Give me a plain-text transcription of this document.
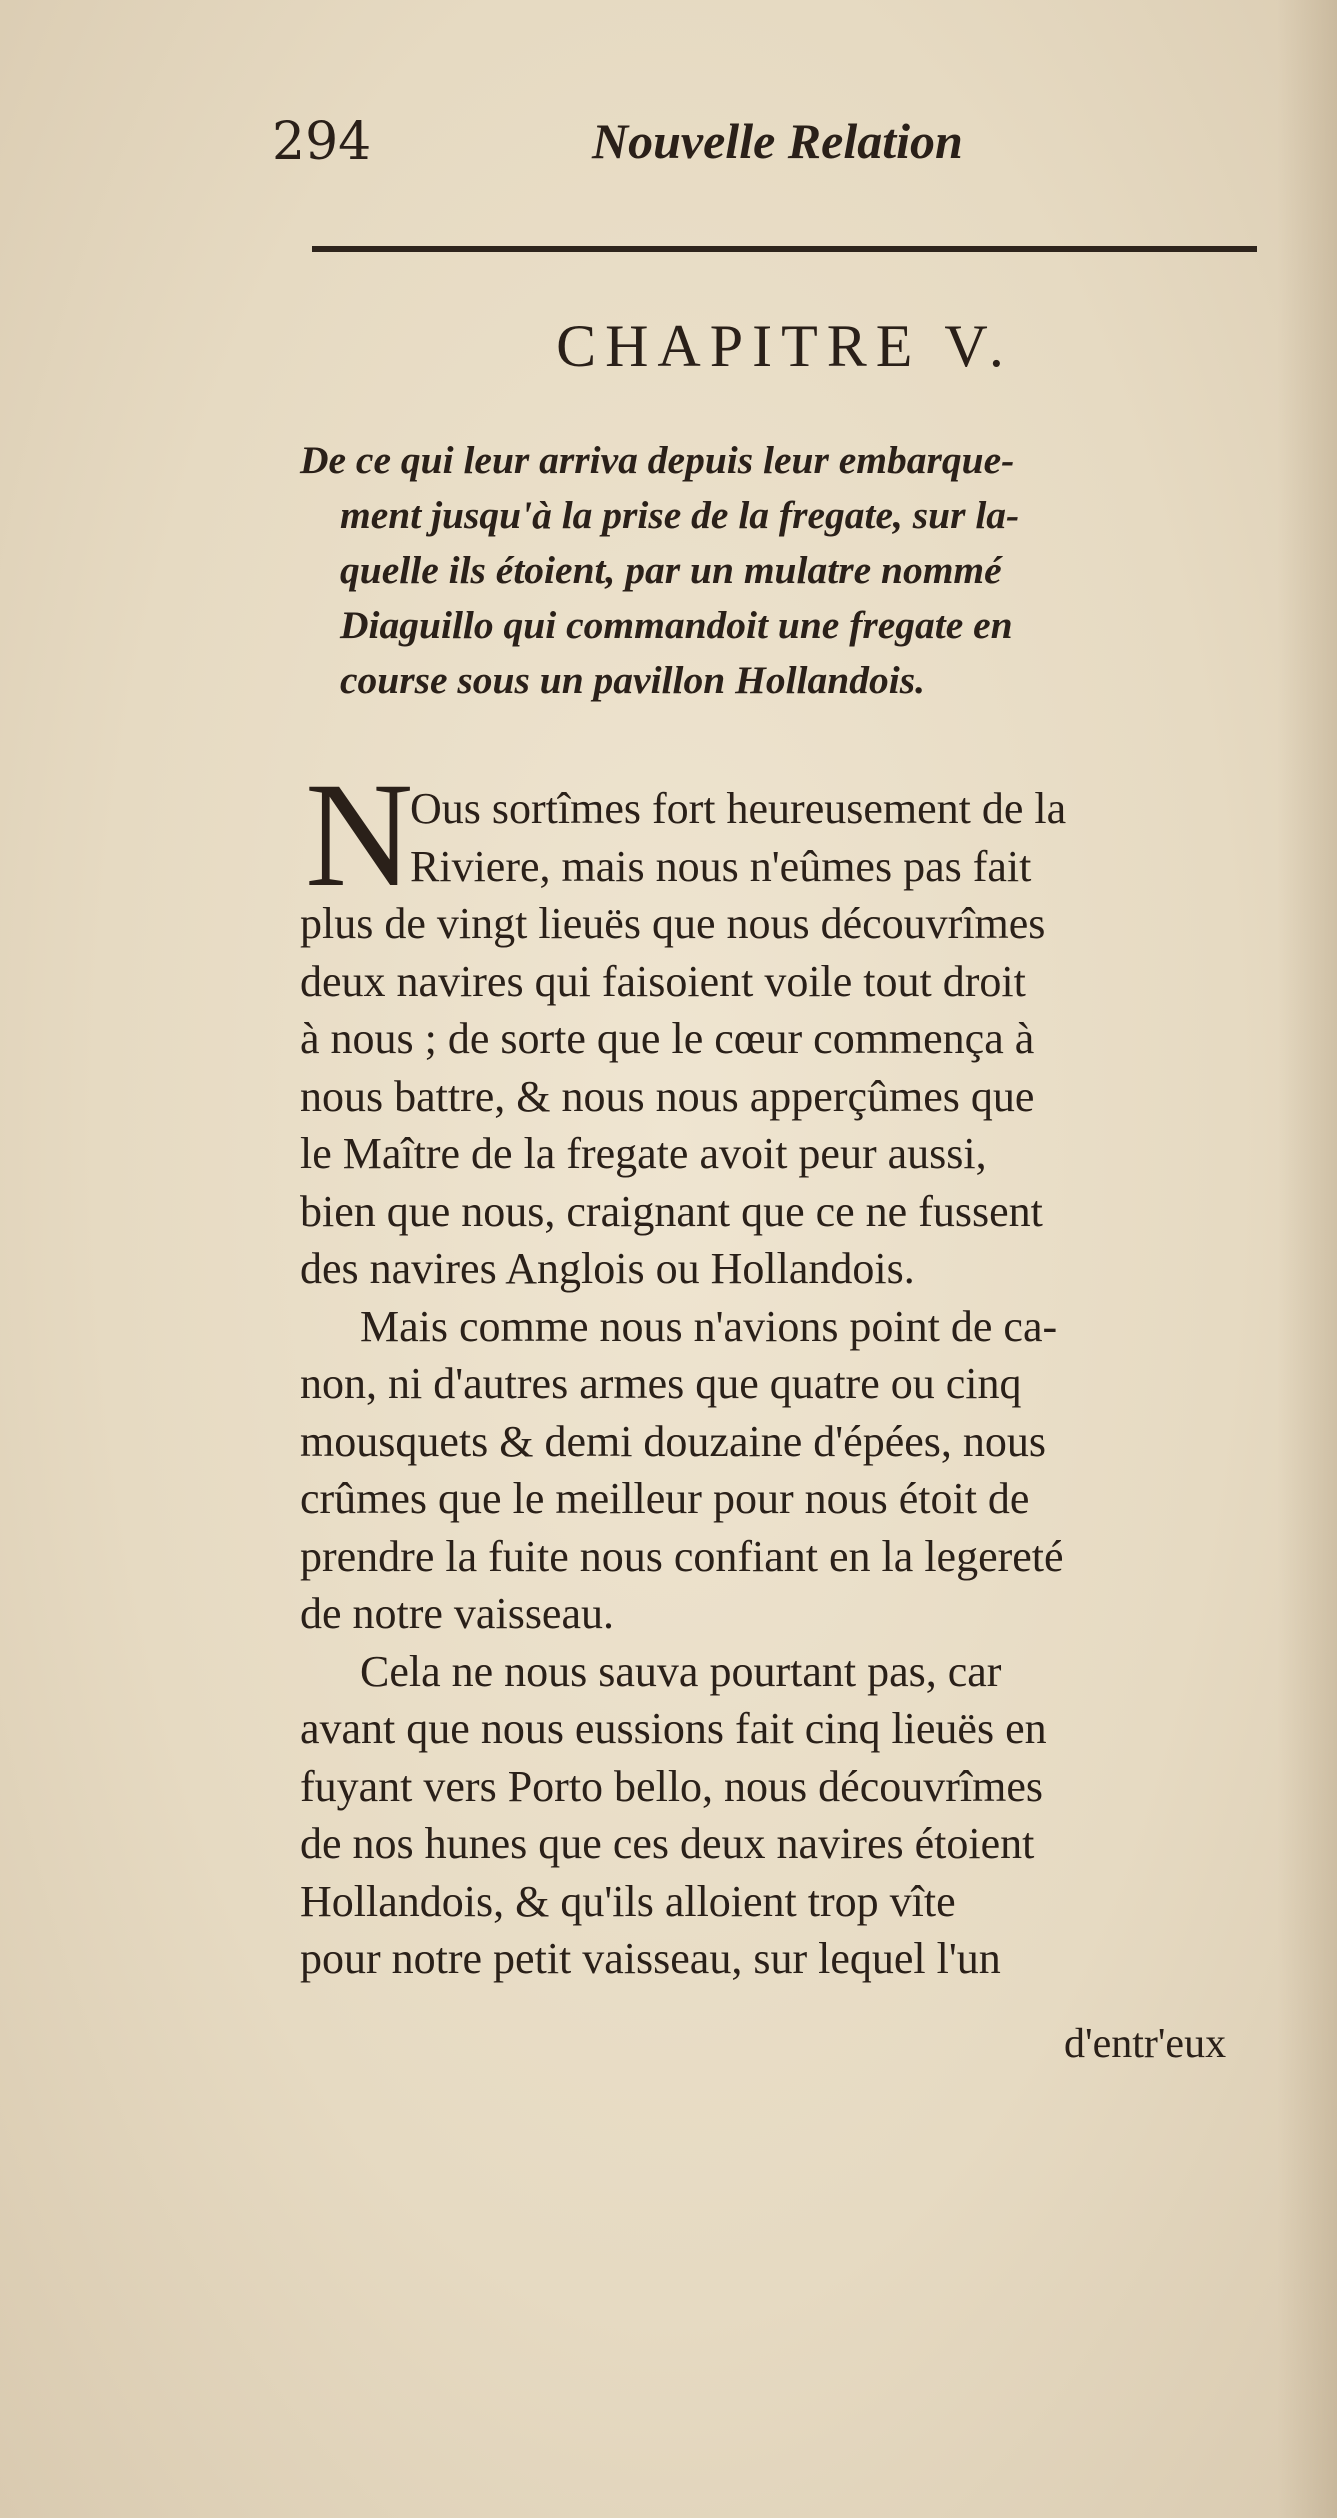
294	Nouvelle Relation
CHAPITRE V.
De ce qui leur arriva depuis leur embarque-
ment jusqu'à la prise de la fregate, sur la-
quelle ils étoient, par un mulatre nommé
Diaguillo qui commandoit une fregate en
course sous un pavillon Hollandois.
N
Ous sortîmes fort heureusement de la
Riviere, mais nous n'eûmes pas fait
plus de vingt lieuës que nous découvrîmes
deux navires qui faisoient voile tout droit
à nous ; de sorte que le cœur commença à
nous battre, & nous nous apperçûmes que
le Maître de la fregate avoit peur aussi,
bien que nous, craignant que ce ne fussent
des navires Anglois ou Hollandois.
Mais comme nous n'avions point de ca-
non, ni d'autres armes que quatre ou cinq
mousquets & demi douzaine d'épées, nous
crûmes que le meilleur pour nous étoit de
prendre la fuite nous confiant en la legereté
de notre vaisseau.
Cela ne nous sauva pourtant pas, car
avant que nous eussions fait cinq lieuës en
fuyant vers Porto bello, nous découvrîmes
de nos hunes que ces deux navires étoient
Hollandois, & qu'ils alloient trop vîte
pour notre petit vaisseau, sur lequel l'un
d'entr'eux
